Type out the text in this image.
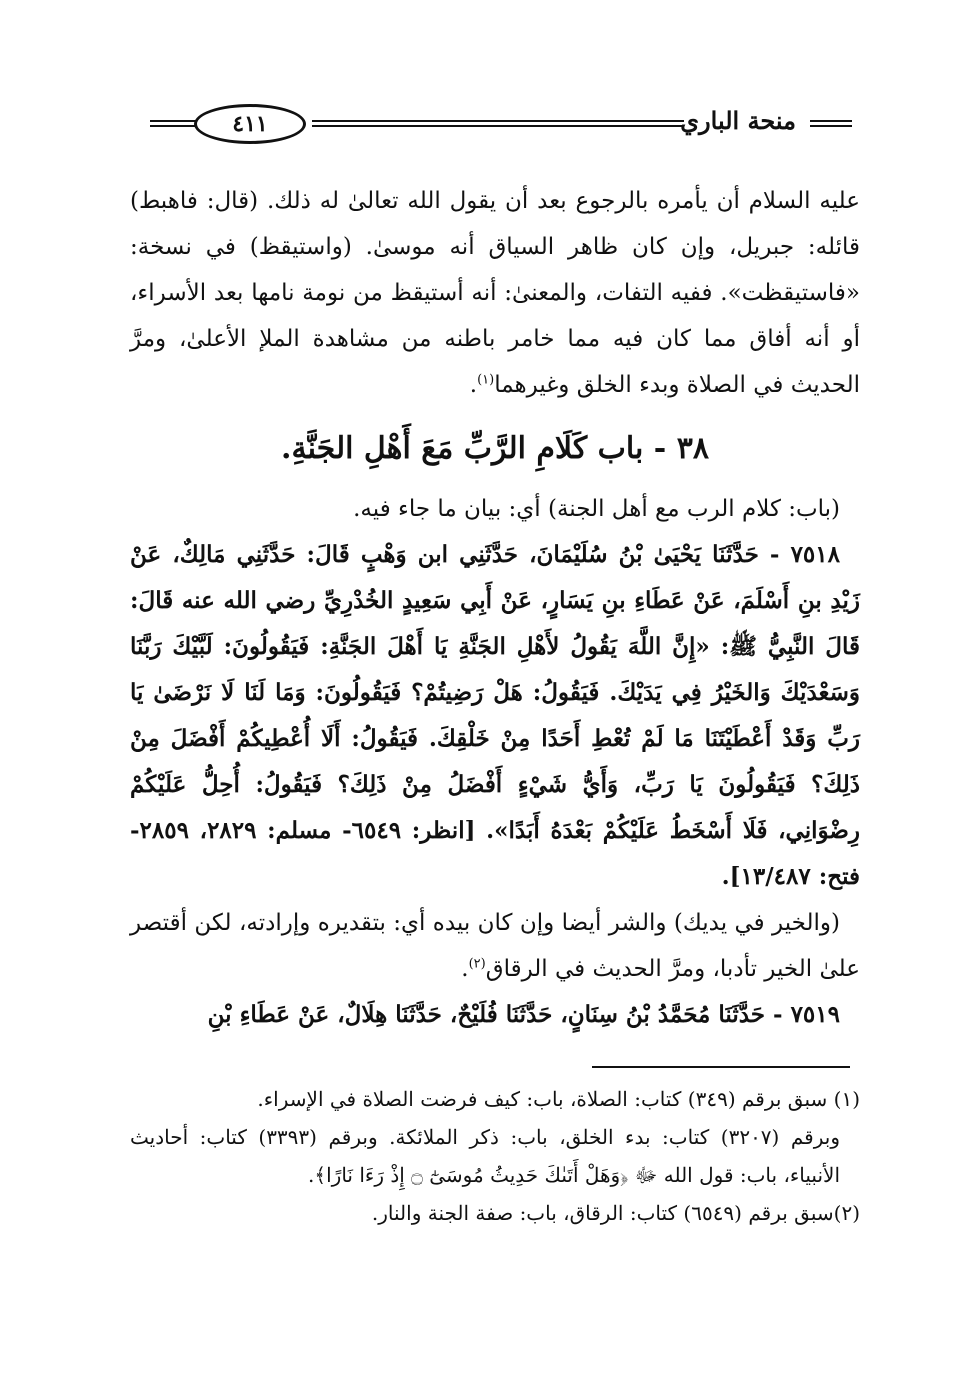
٤١١	منحة الباري

عليه السلام أن يأمره بالرجوع بعد أن يقول الله تعالىٰ له ذلك. (قال: فاهبط) قائله: جبريل، وإن كان ظاهر السياق أنه موسىٰ. (واستيقظ) في نسخة: «فاستيقظت». ففيه التفات، والمعنىٰ: أنه أستيقظ من نومة نامها بعد الأسراء، أو أنه أفاق مما كان فيه مما خامر باطنه من مشاهدة الملإ الأعلىٰ، ومرَّ الحديث في الصلاة وبدء الخلق وغيرهما$^{(١)}$.

٣٨ - باب كَلَامِ الرَّبِّ مَعَ أَهْلِ الجَنَّةِ.

(باب: كلام الرب مع أهل الجنة) أي: بيان ما جاء فيه.

٧٥١٨ - حَدَّثَنَا يَحْيَىٰ بْنُ سُلَيْمَانَ، حَدَّثَنِي ابن وَهْبٍ قَالَ: حَدَّثَنِي مَالِكٌ، عَنْ زَيْدِ بنِ أَسْلَمَ، عَنْ عَطَاءِ بنِ يَسَارٍ، عَنْ أَبِي سَعِيدٍ الخُدْرِيِّ رضي الله عنه قَالَ: قَالَ النَّبِيُّ ﷺ: «إِنَّ اللَّهَ يَقُولُ لأَهْلِ الجَنَّةِ يَا أَهْلَ الجَنَّةِ: فَيَقُولُونَ: لَبَّيْكَ رَبَّنَا وَسَعْدَيْكَ وَالخَيْرُ فِي يَدَيْكَ. فَيَقُولُ: هَلْ رَضِيتُمْ؟ فَيَقُولُونَ: وَمَا لَنَا لَا نَرْضَىٰ يَا رَبِّ وَقَدْ أَعْطَيْتَنَا مَا لَمْ تُعْطِ أَحَدًا مِنْ خَلْقِكَ. فَيَقُولُ: أَلَا أُعْطِيكُمْ أَفْضَلَ مِنْ ذَلِكَ؟ فَيَقُولُونَ يَا رَبِّ، وَأَيُّ شَيْءٍ أَفْضَلُ مِنْ ذَلِكَ؟ فَيَقُولُ: أُحِلُّ عَلَيْكُمْ رِضْوَانِي، فَلَا أَسْخَطُ عَلَيْكُمْ بَعْدَهُ أَبَدًا». [انظر: ٦٥٤٩- مسلم: ٢٨٢٩، ٢٨٥٩- فتح: ١٣/٤٨٧].

(والخير في يديك) والشر أيضا وإن كان بيده أي: بتقديره وإرادته، لكن أقتصر علىٰ الخير تأدبا، ومرَّ الحديث في الرقاق$^{(٢)}$.

٧٥١٩ - حَدَّثَنَا مُحَمَّدُ بْنُ سِنَانٍ، حَدَّثَنَا فُلَيْحٌ، حَدَّثَنَا هِلَالٌ، عَنْ عَطَاءِ بْنِ

(١) سبق برقم (٣٤٩) كتاب: الصلاة، باب: كيف فرضت الصلاة في الإسراء.

وبرقم (٣٢٠٧) كتاب: بدء الخلق، باب: ذكر الملائكة. وبرقم (٣٣٩٣) كتاب: أحاديث الأنبياء، باب: قول الله ﷻ ﴿وَهَلْ أَتَىٰكَ حَدِيثُ مُوسَىٰٓ ۝ إِذْ رَءَا نَارًا﴾.

(٢)سبق برقم (٦٥٤٩) كتاب: الرقاق، باب: صفة الجنة والنار.
